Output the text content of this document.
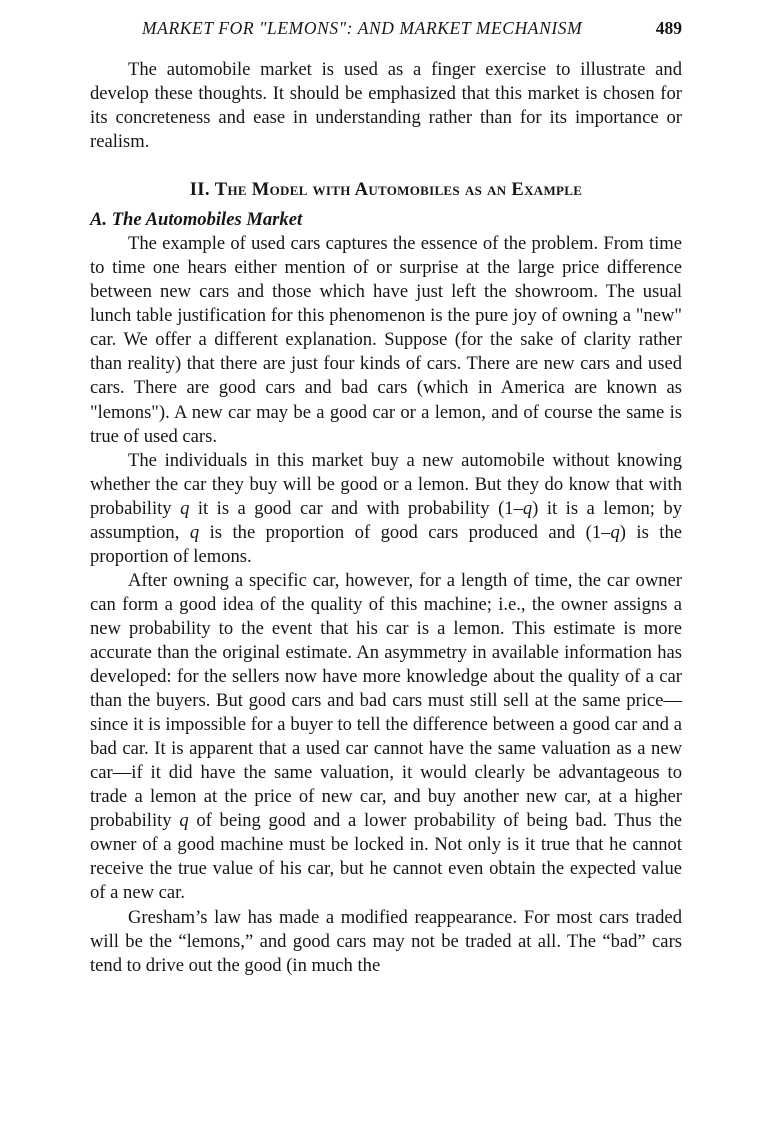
MARKET FOR "LEMONS": AND MARKET MECHANISM	489

The automobile market is used as a finger exercise to illustrate and develop these thoughts. It should be emphasized that this market is chosen for its concreteness and ease in understanding rather than for its importance or realism.

II. The Model with Automobiles as an Example
A. The Automobiles Market

The example of used cars captures the essence of the problem. From time to time one hears either mention of or surprise at the large price difference between new cars and those which have just left the showroom. The usual lunch table justification for this phenomenon is the pure joy of owning a "new" car. We offer a different explanation. Suppose (for the sake of clarity rather than reality) that there are just four kinds of cars. There are new cars and used cars. There are good cars and bad cars (which in America are known as "lemons"). A new car may be a good car or a lemon, and of course the same is true of used cars.

The individuals in this market buy a new automobile without knowing whether the car they buy will be good or a lemon. But they do know that with probability q it is a good car and with probability (1–q) it is a lemon; by assumption, q is the proportion of good cars produced and (1–q) is the proportion of lemons.

After owning a specific car, however, for a length of time, the car owner can form a good idea of the quality of this machine; i.e., the owner assigns a new probability to the event that his car is a lemon. This estimate is more accurate than the original estimate. An asymmetry in available information has developed: for the sellers now have more knowledge about the quality of a car than the buyers. But good cars and bad cars must still sell at the same price—since it is impossible for a buyer to tell the difference between a good car and a bad car. It is apparent that a used car cannot have the same valuation as a new car—if it did have the same valuation, it would clearly be advantageous to trade a lemon at the price of new car, and buy another new car, at a higher probability q of being good and a lower probability of being bad. Thus the owner of a good machine must be locked in. Not only is it true that he cannot receive the true value of his car, but he cannot even obtain the expected value of a new car.

Gresham’s law has made a modified reappearance. For most cars traded will be the “lemons,” and good cars may not be traded at all. The “bad” cars tend to drive out the good (in much the
